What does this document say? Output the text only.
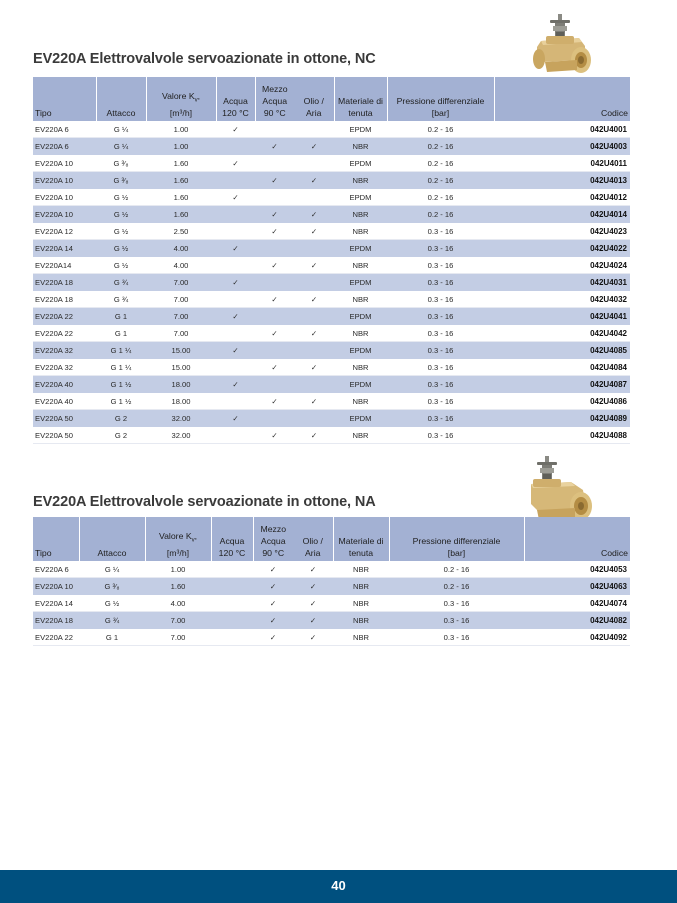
EV220A Elettrovalvole servoazionate in ottone, NC
Tipo	Attacco	Valore $K_v$,
[m³/h]	Acqua
120 °C	Mezzo
Acqua
90 °C	Olio /
Aria	Materiale di
tenuta	Pressione differenziale
[bar]	Codice
EV220A 6	G ¼	1.00	✓			EPDM	0.2 - 16	042U4001
EV220A 6	G ¼	1.00		✓	✓	NBR	0.2 - 16	042U4003
EV220A 10	G ³⁄₈	1.60	✓			EPDM	0.2 - 16	042U4011
EV220A 10	G ³⁄₈	1.60		✓	✓	NBR	0.2 - 16	042U4013
EV220A 10	G ½	1.60	✓			EPDM	0.2 - 16	042U4012
EV220A 10	G ½	1.60		✓	✓	NBR	0.2 - 16	042U4014
EV220A 12	G ½	2.50		✓	✓	NBR	0.3 - 16	042U4023
EV220A 14	G ½	4.00	✓			EPDM	0.3 - 16	042U4022
EV220A14	G ½	4.00		✓	✓	NBR	0.3 - 16	042U4024
EV220A 18	G ¾	7.00	✓			EPDM	0.3 - 16	042U4031
EV220A 18	G ¾	7.00		✓	✓	NBR	0.3 - 16	042U4032
EV220A 22	G 1	7.00	✓			EPDM	0.3 - 16	042U4041
EV220A 22	G 1	7.00		✓	✓	NBR	0.3 - 16	042U4042
EV220A 32	G 1 ¼	15.00	✓			EPDM	0.3 - 16	042U4085
EV220A 32	G 1 ¼	15.00		✓	✓	NBR	0.3 - 16	042U4084
EV220A 40	G 1 ½	18.00	✓			EPDM	0.3 - 16	042U4087
EV220A 40	G 1 ½	18.00		✓	✓	NBR	0.3 - 16	042U4086
EV220A 50	G 2	32.00	✓			EPDM	0.3 - 16	042U4089
EV220A 50	G 2	32.00		✓	✓	NBR	0.3 - 16	042U4088
EV220A Elettrovalvole servoazionate in ottone, NA
Tipo	Attacco	Valore $K_v$,
[m³/h]	Acqua
120 °C	Mezzo
Acqua
90 °C	Olio /
Aria	Materiale di
tenuta	Pressione differenziale
[bar]	Codice
EV220A 6	G ¼	1.00		✓	✓	NBR	0.2 - 16	042U4053
EV220A 10	G ³⁄₈	1.60		✓	✓	NBR	0.2 - 16	042U4063
EV220A 14	G ½	4.00		✓	✓	NBR	0.3 - 16	042U4074
EV220A 18	G ¾	7.00		✓	✓	NBR	0.3 - 16	042U4082
EV220A 22	G 1	7.00		✓	✓	NBR	0.3 - 16	042U4092
40
